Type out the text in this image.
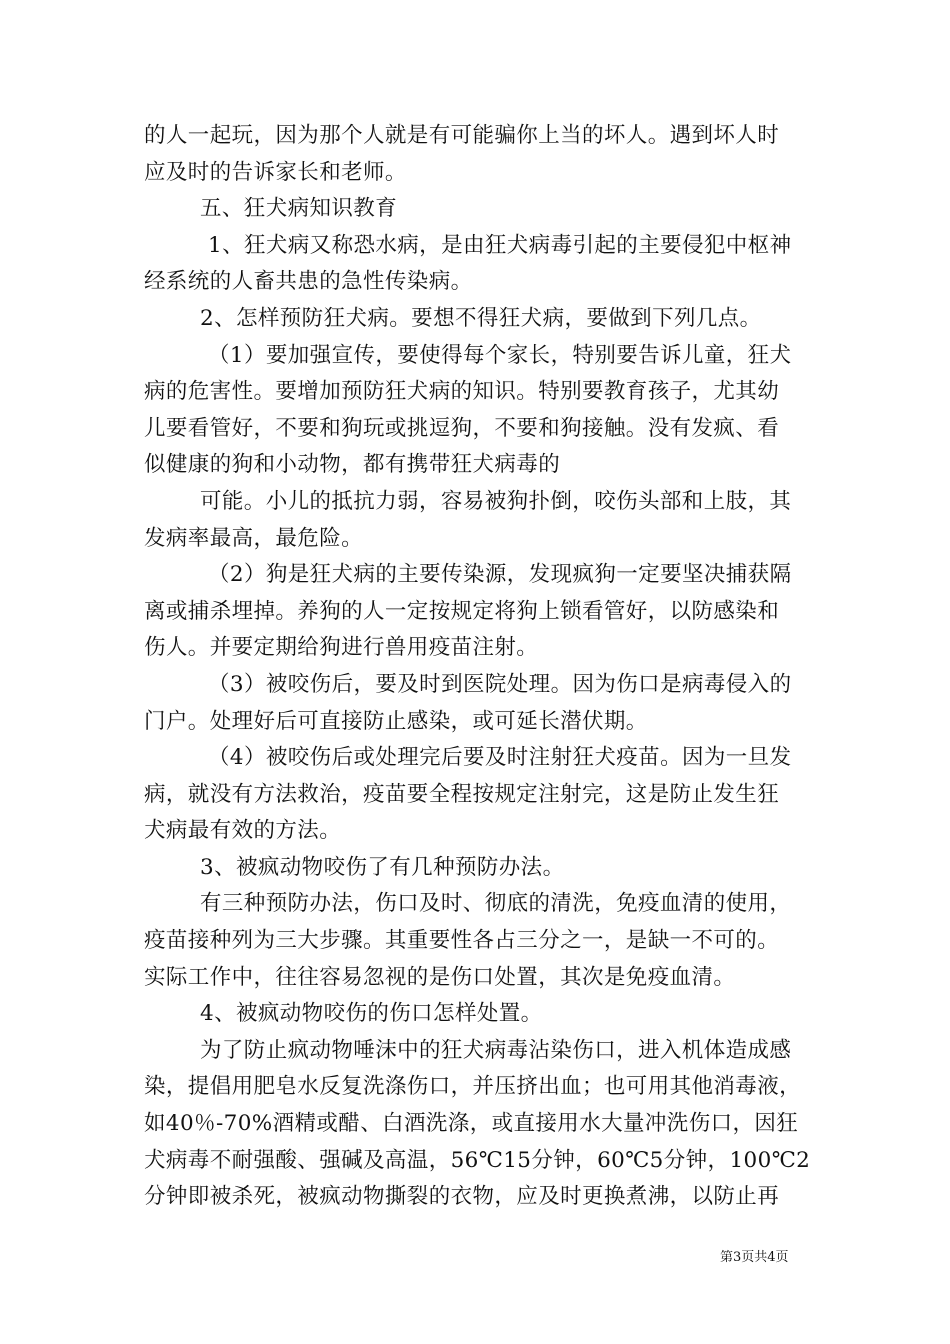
的人一起玩，因为那个人就是有可能骗你上当的坏人。遇到坏人时

应及时的告诉家长和老师。

五、狂犬病知识教育

1、狂犬病又称恐水病，是由狂犬病毒引起的主要侵犯中枢神

经系统的人畜共患的急性传染病。

2、怎样预防狂犬病。要想不得狂犬病，要做到下列几点。

（1）要加强宣传，要使得每个家长，特别要告诉儿童，狂犬

病的危害性。要增加预防狂犬病的知识。特别要教育孩子，尤其幼

儿要看管好，不要和狗玩或挑逗狗，不要和狗接触。没有发疯、看

似健康的狗和小动物，都有携带狂犬病毒的

可能。小儿的抵抗力弱，容易被狗扑倒，咬伤头部和上肢，其

发病率最高，最危险。

（2）狗是狂犬病的主要传染源，发现疯狗一定要坚决捕获隔

离或捕杀埋掉。养狗的人一定按规定将狗上锁看管好，以防感染和

伤人。并要定期给狗进行兽用疫苗注射。

（3）被咬伤后，要及时到医院处理。因为伤口是病毒侵入的

门户。处理好后可直接防止感染，或可延长潜伏期。

（4）被咬伤后或处理完后要及时注射狂犬疫苗。因为一旦发

病，就没有方法救治，疫苗要全程按规定注射完，这是防止发生狂

犬病最有效的方法。

3、被疯动物咬伤了有几种预防办法。

有三种预防办法，伤口及时、彻底的清洗，免疫血清的使用，

疫苗接种列为三大步骤。其重要性各占三分之一，是缺一不可的。

实际工作中，往往容易忽视的是伤口处置，其次是免疫血清。

4、被疯动物咬伤的伤口怎样处置。

为了防止疯动物唾沫中的狂犬病毒沾染伤口，进入机体造成感

染，提倡用肥皂水反复洗涤伤口，并压挤出血；也可用其他消毒液，

如40％-70%酒精或醋、白酒洗涤，或直接用水大量冲洗伤口，因狂

犬病毒不耐强酸、强碱及高温，56℃15分钟，60℃5分钟，100℃2

分钟即被杀死，被疯动物撕裂的衣物，应及时更换煮沸，以防止再

第3页共4页
